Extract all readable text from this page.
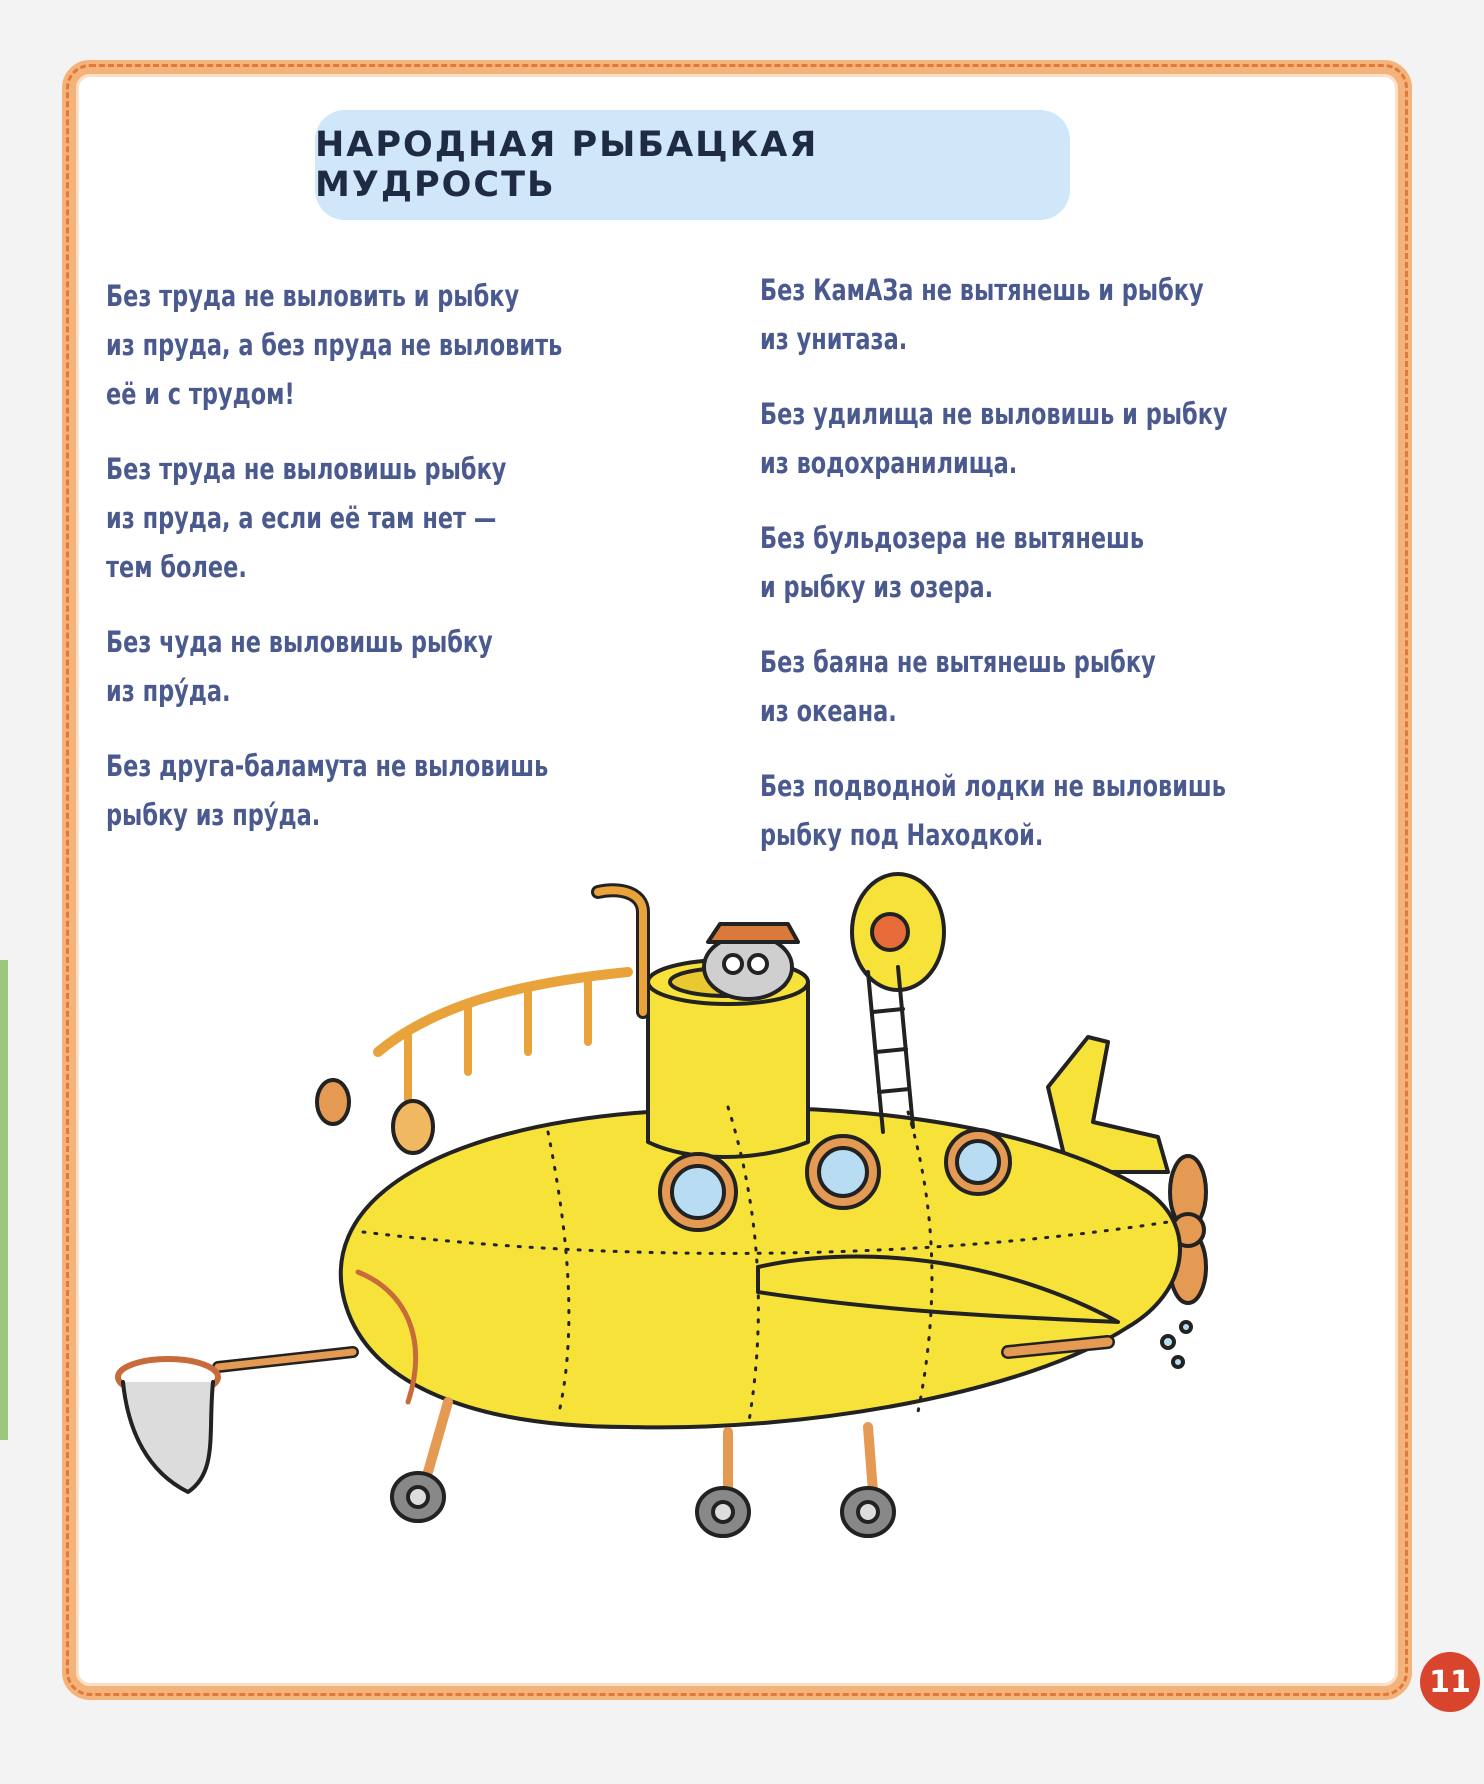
НАРОДНАЯ РЫБАЦКАЯ МУДРОСТЬ

Без труда не выловить и рыбку
из пруда, а без пруда не выловить
её и с трудом!

Без труда не выловишь рыбку
из пруда, а если её там нет —
тем более.

Без чуда не выловишь рыбку
из пру́да.

Без друга-баламута не выловишь
рыбку из пру́да.

Без КамАЗа не вытянешь и рыбку
из унитаза.

Без удилища не выловишь и рыбку
из водохранилища.

Без бульдозера не вытянешь
и рыбку из озера.

Без баяна не вытянешь рыбку
из океана.

Без подводной лодки не выловишь
рыбку под Находкой.

11
